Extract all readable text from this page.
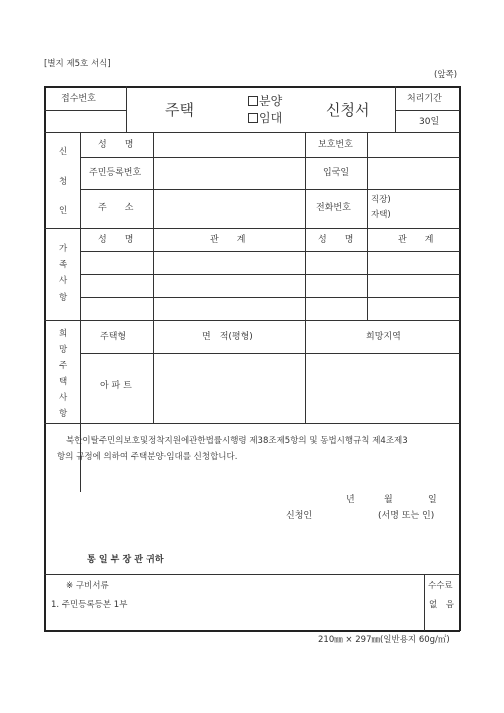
[별지 제5호 서식]
(앞쪽)
접수번호
주택	분양
임대	신청서
처리기간
30일
신
청
인
성　　명	보호번호
주민등록번호	입국일
주　　소	전화번호
직장)
자택)
가
족
사
항
성　　명	관　　계	성　　명	관　　계
희
망
주
택
사
항
주택형	면　적(평형)	희망지역
아 파 트
북한이탈주민의보호및정착지원에관한법률시행령 제38조제5항의 및 동법시행규칙 제4조제3
항의 규정에 의하여 주택분양·임대를 신청합니다.
년	월	일
신청인	(서명 또는 인)
통 일 부 장 관 귀하
※ 구비서류
1. 주민등록등본 1부
수수료
없　음
210㎜ × 297㎜(일반용지 60g/㎡)
